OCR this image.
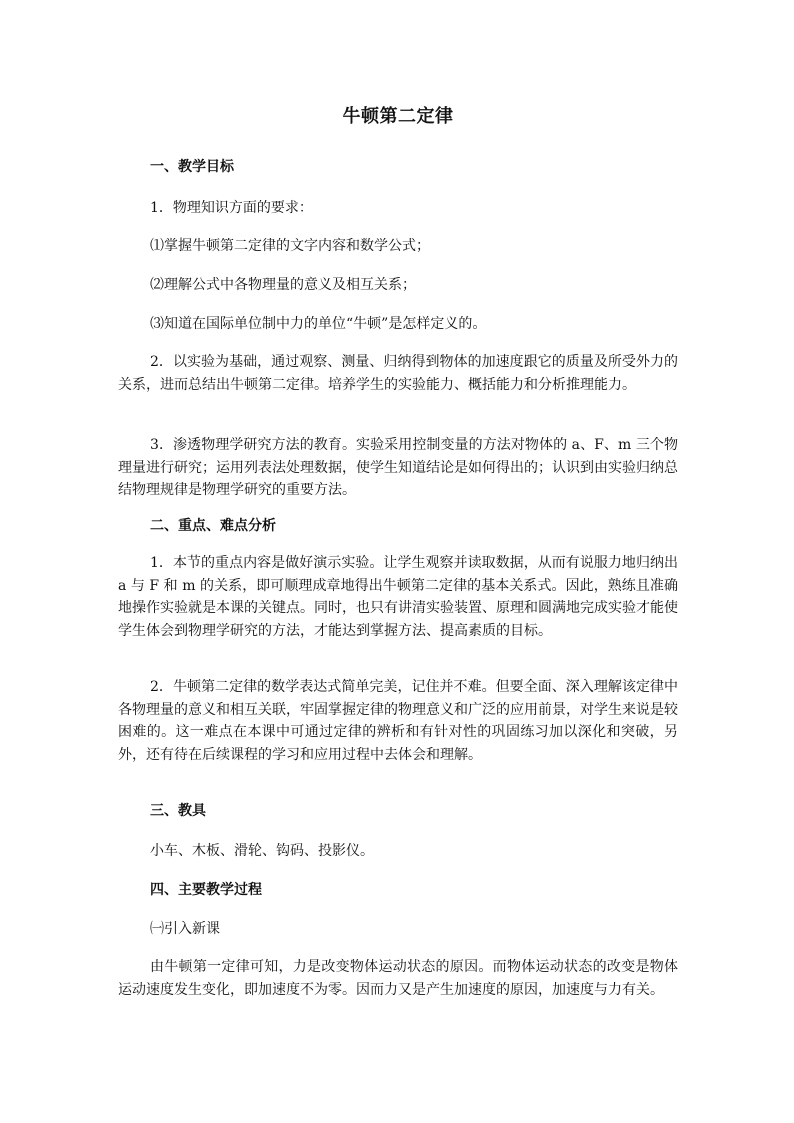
牛顿第二定律
一、教学目标
1．物理知识方面的要求：
⑴掌握牛顿第二定律的文字内容和数学公式；
⑵理解公式中各物理量的意义及相互关系；
⑶知道在国际单位制中力的单位“牛顿”是怎样定义的。
2．以实验为基础，通过观察、测量、归纳得到物体的加速度跟它的质量及所受外力的关系，进而总结出牛顿第二定律。培养学生的实验能力、概括能力和分析推理能力。
3．渗透物理学研究方法的教育。实验采用控制变量的方法对物体的 a、F、m 三个物理量进行研究；运用列表法处理数据，使学生知道结论是如何得出的；认识到由实验归纳总结物理规律是物理学研究的重要方法。
二、重点、难点分析
1．本节的重点内容是做好演示实验。让学生观察并读取数据，从而有说服力地归纳出 a 与 F 和 m 的关系，即可顺理成章地得出牛顿第二定律的基本关系式。因此，熟练且准确地操作实验就是本课的关键点。同时，也只有讲清实验装置、原理和圆满地完成实验才能使学生体会到物理学研究的方法，才能达到掌握方法、提高素质的目标。
2．牛顿第二定律的数学表达式简单完美，记住并不难。但要全面、深入理解该定律中各物理量的意义和相互关联，牢固掌握定律的物理意义和广泛的应用前景，对学生来说是较困难的。这一难点在本课中可通过定律的辨析和有针对性的巩固练习加以深化和突破，另外，还有待在后续课程的学习和应用过程中去体会和理解。
三、教具
小车、木板、滑轮、钩码、投影仪。
四、主要教学过程
㈠引入新课
由牛顿第一定律可知，力是改变物体运动状态的原因。而物体运动状态的改变是物体运动速度发生变化，即加速度不为零。因而力又是产生加速度的原因，加速度与力有关。
